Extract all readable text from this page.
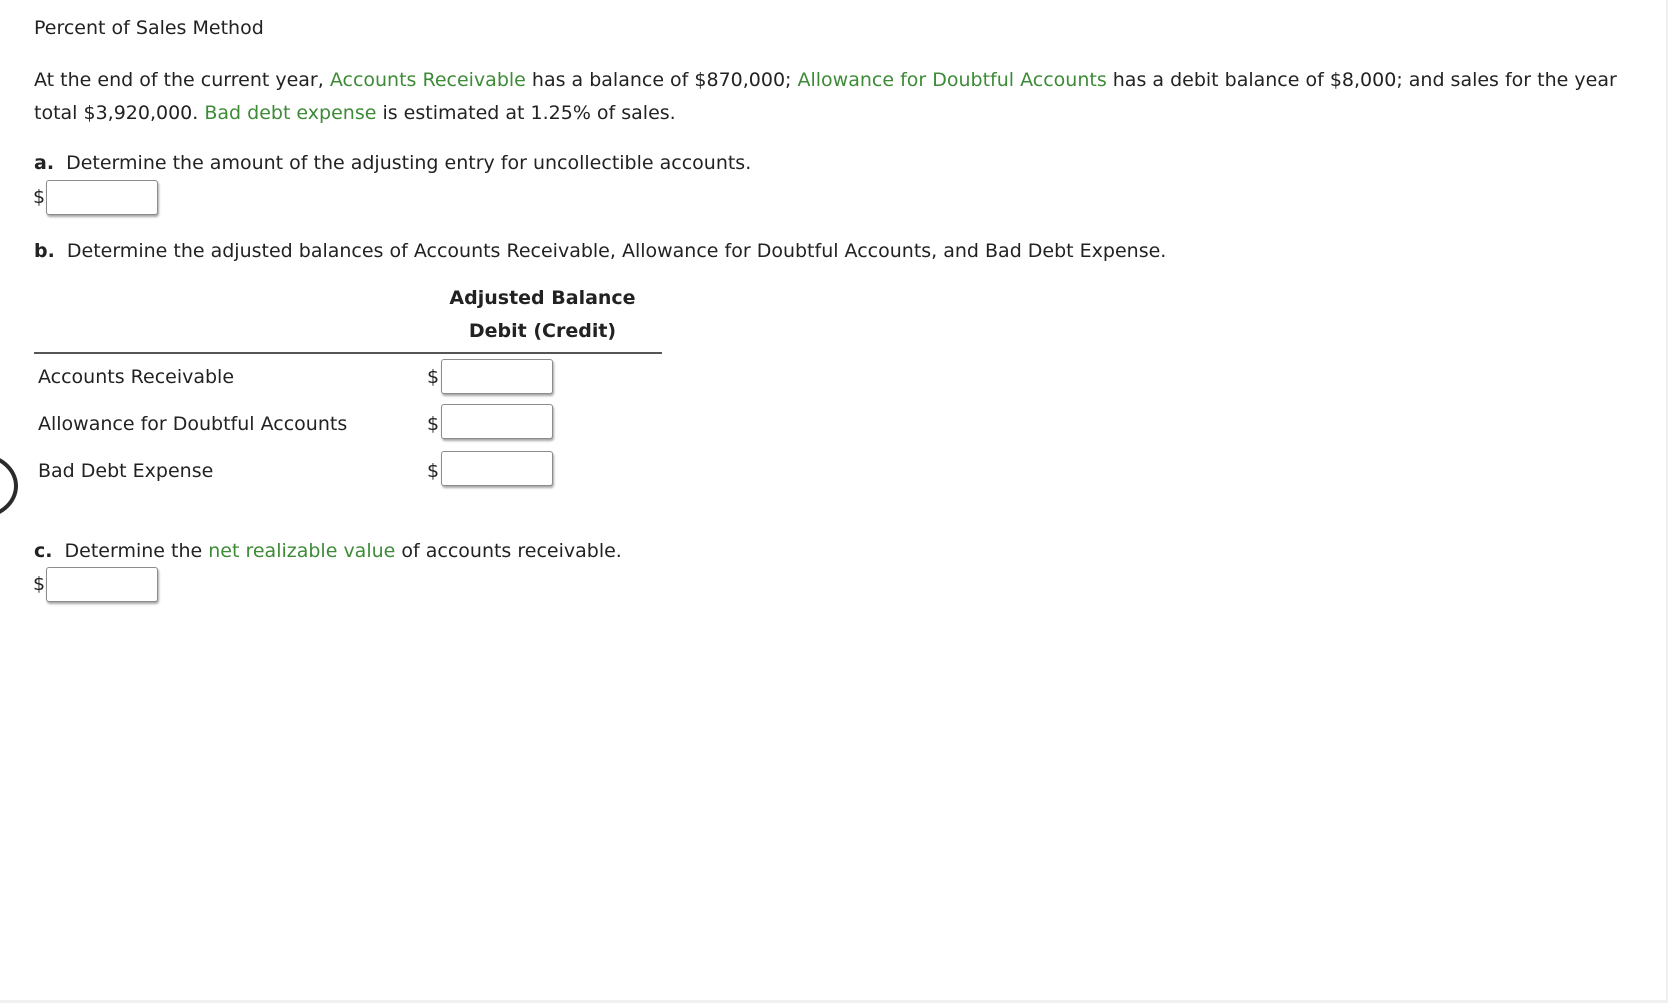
Percent of Sales Method
At the end of the current year, Accounts Receivable has a balance of $870,000; Allowance for Doubtful Accounts has a debit balance of $8,000; and sales for the year total $3,920,000. Bad debt expense is estimated at 1.25% of sales.
a. Determine the amount of the adjusting entry for uncollectible accounts.
$
b. Determine the adjusted balances of Accounts Receivable, Allowance for Doubtful Accounts, and Bad Debt Expense.
Adjusted Balance
Debit (Credit)
Accounts Receivable	$
Allowance for Doubtful Accounts	$
Bad Debt Expense	$
c. Determine the net realizable value of accounts receivable.
$
